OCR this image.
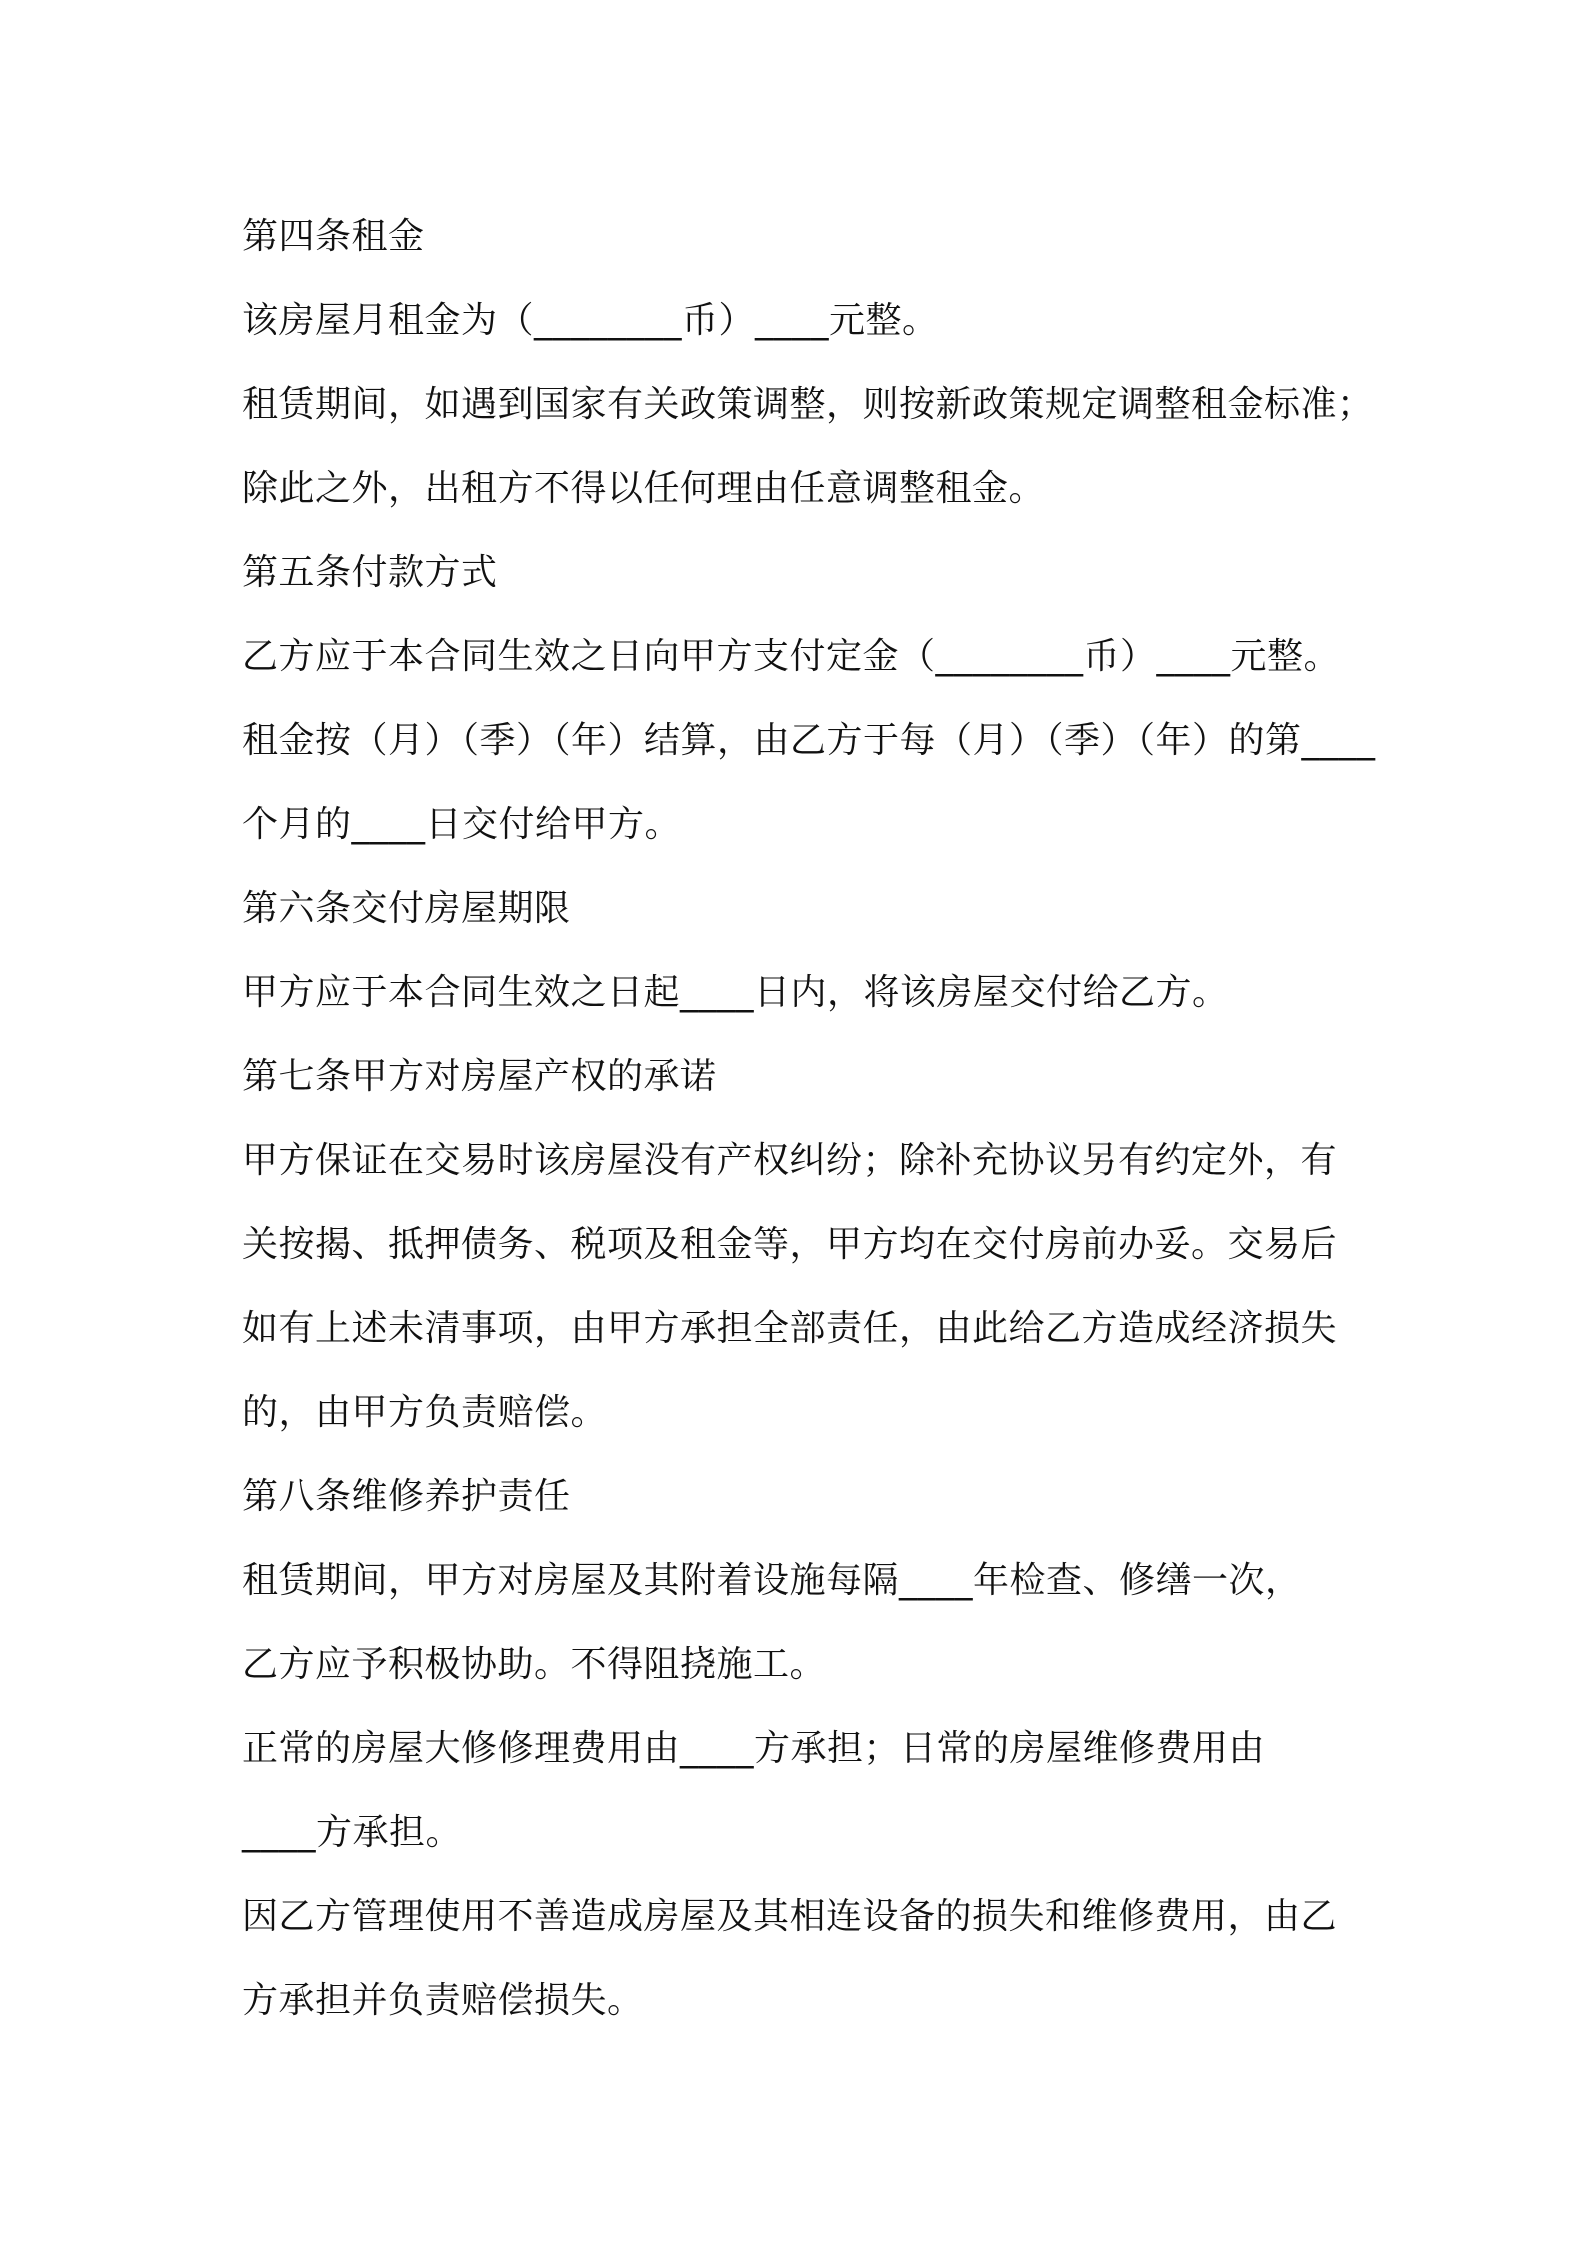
第四条租金
该房屋月租金为（________币）____元整。
租赁期间，如遇到国家有关政策调整，则按新政策规定调整租金标准；
除此之外，出租方不得以任何理由任意调整租金。
第五条付款方式
乙方应于本合同生效之日向甲方支付定金（________币）____元整。
租金按（月）（季）（年）结算，由乙方于每（月）（季）（年）的第____
个月的____日交付给甲方。
第六条交付房屋期限
甲方应于本合同生效之日起____日内，将该房屋交付给乙方。
第七条甲方对房屋产权的承诺
甲方保证在交易时该房屋没有产权纠纷；除补充协议另有约定外，有
关按揭、抵押债务、税项及租金等，甲方均在交付房前办妥。交易后
如有上述未清事项，由甲方承担全部责任，由此给乙方造成经济损失
的，由甲方负责赔偿。
第八条维修养护责任
租赁期间，甲方对房屋及其附着设施每隔____年检查、修缮一次，
乙方应予积极协助。不得阻挠施工。
正常的房屋大修修理费用由____方承担；日常的房屋维修费用由
____方承担。
因乙方管理使用不善造成房屋及其相连设备的损失和维修费用，由乙
方承担并负责赔偿损失。
